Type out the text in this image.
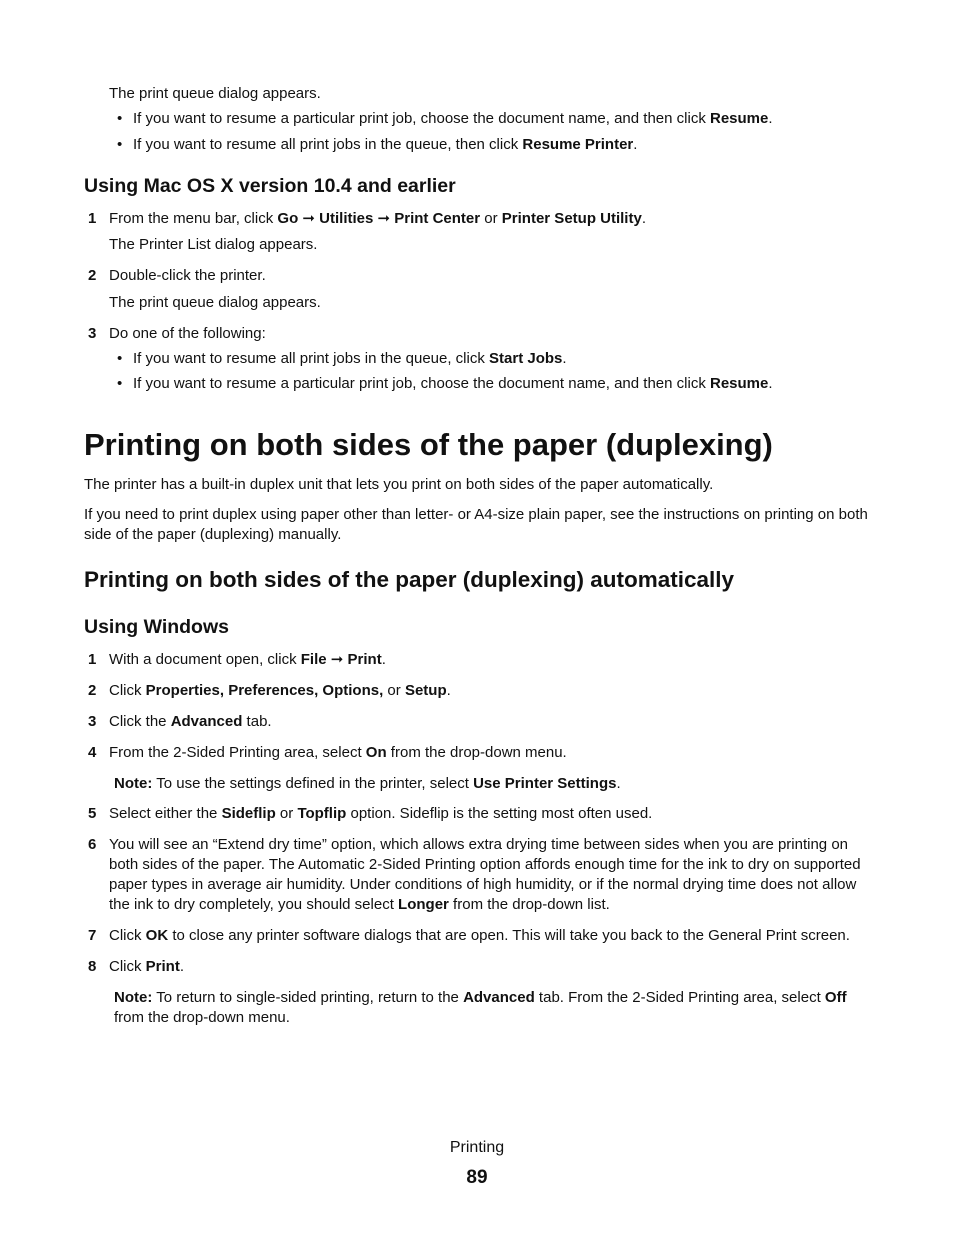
The print queue dialog appears.

• If you want to resume a particular print job, choose the document name, and then click Resume.

• If you want to resume all print jobs in the queue, then click Resume Printer.

Using Mac OS X version 10.4 and earlier
1 From the menu bar, click Go ➞ Utilities ➞ Print Center or Printer Setup Utility.

The Printer List dialog appears.

2 Double-click the printer.

The print queue dialog appears.

3 Do one of the following:

• If you want to resume all print jobs in the queue, click Start Jobs.

• If you want to resume a particular print job, choose the document name, and then click Resume.

Printing on both sides of the paper (duplexing)

The printer has a built-in duplex unit that lets you print on both sides of the paper automatically.

If you need to print duplex using paper other than letter- or A4-size plain paper, see the instructions on printing on both side of the paper (duplexing) manually.

Printing on both sides of the paper (duplexing) automatically
Using Windows
1 With a document open, click File ➞ Print.

2 Click Properties, Preferences, Options, or Setup.

3 Click the Advanced tab.

4 From the 2-Sided Printing area, select On from the drop-down menu.

Note: To use the settings defined in the printer, select Use Printer Settings.

5 Select either the Sideflip or Topflip option. Sideflip is the setting most often used.

6 You will see an “Extend dry time” option, which allows extra drying time between sides when you are printing on both sides of the paper. The Automatic 2-Sided Printing option affords enough time for the ink to dry on supported paper types in average air humidity. Under conditions of high humidity, or if the normal drying time does not allow the ink to dry completely, you should select Longer from the drop-down list.

7 Click OK to close any printer software dialogs that are open. This will take you back to the General Print screen.

8 Click Print.

Note: To return to single-sided printing, return to the Advanced tab. From the 2-Sided Printing area, select Off from the drop-down menu.

Printing
89
